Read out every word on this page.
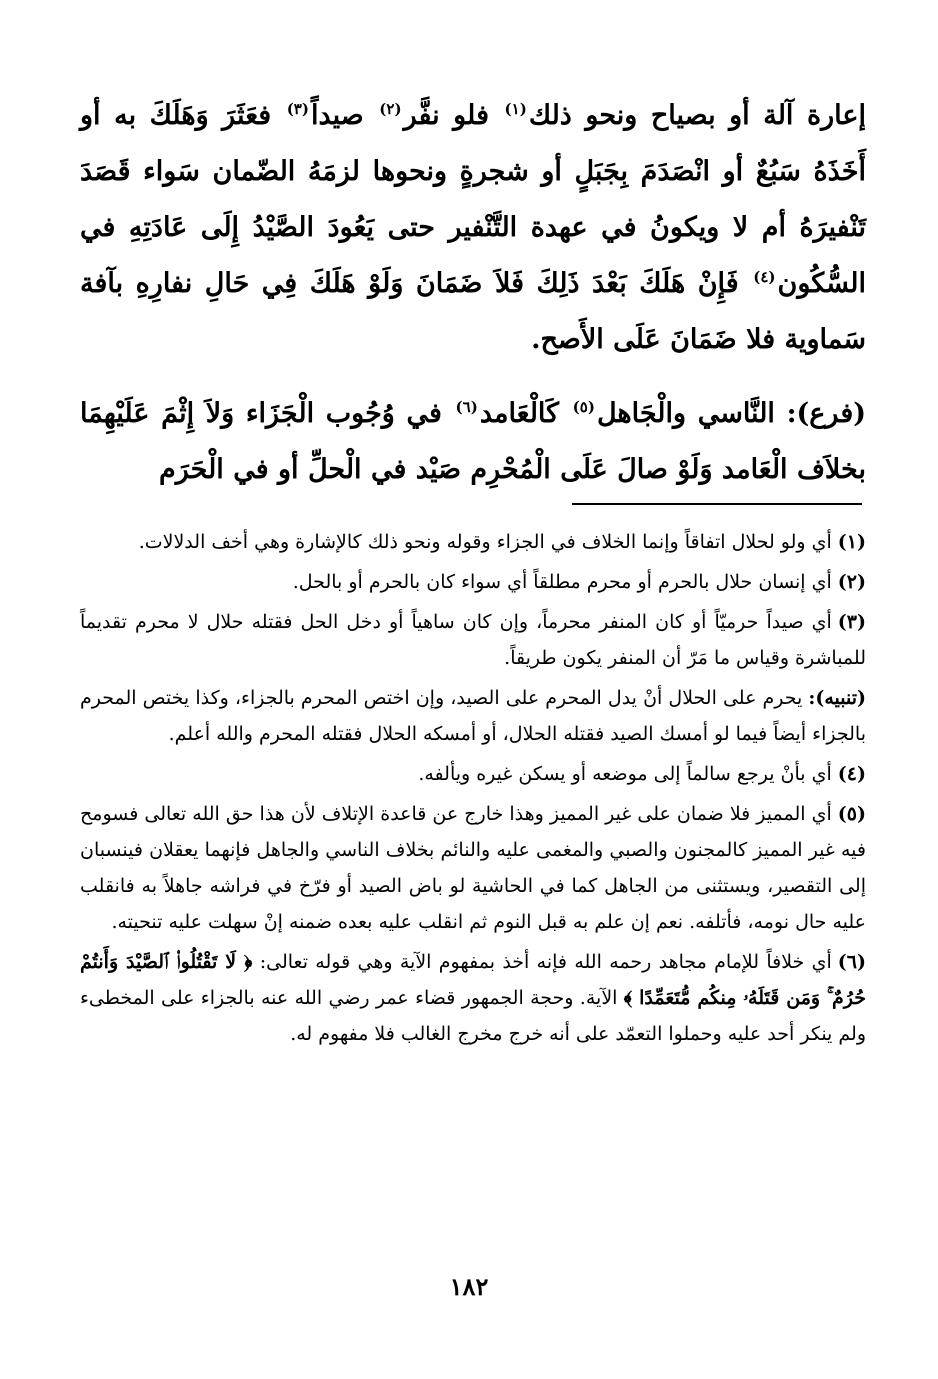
إعارة آلة أو بصياح ونحو ذلك$^{(١)}$ فلو نفَّر$^{(٢)}$ صيداً$^{(٣)}$ فعَثَرَ وَهَلَكَ به أو أَخَذَهُ سَبُعٌ أو انْصَدَمَ بِجَبَلٍ أو شجرةٍ ونحوها لزمَهُ الضّمان سَواء قَصَدَ تَنْفيرَهُ أم لا ويكونُ في عهدة التَّنْفير حتى يَعُودَ الصَّيْدُ إِلَى عَادَتِهِ في السُّكُون$^{(٤)}$ فَإِنْ هَلَكَ بَعْدَ ذَلِكَ فَلاَ ضَمَانَ وَلَوْ هَلَكَ فِي حَالِ نفارِهِ بآفة سَماوية فلا ضَمَانَ عَلَى الأَصح.

(فرع): النَّاسي والْجَاهل$^{(٥)}$ كَالْعَامد$^{(٦)}$ في وُجُوب الْجَزَاء وَلاَ إِثْمَ عَلَيْهِمَا بخلاَف الْعَامد وَلَوْ صالَ عَلَى الْمُحْرِم صَيْد في الْحلِّ أو في الْحَرَم

(١)أي ولو لحلال اتفاقاً وإنما الخلاف في الجزاء وقوله ونحو ذلك كالإشارة وهي أخف الدلالات.

(٢)أي إنسان حلال بالحرم أو محرم مطلقاً أي سواء كان بالحرم أو بالحل.

(٣)أي صيداً حرميّاً أو كان المنفر محرماً، وإن كان ساهياً أو دخل الحل فقتله حلال لا محرم تقديماً للمباشرة وقياس ما مَرّ أن المنفر يكون طريقاً.

(تنبيه):يحرم على الحلال أنْ يدل المحرم على الصيد، وإن اختص المحرم بالجزاء، وكذا يختص المحرم بالجزاء أيضاً فيما لو أمسك الصيد فقتله الحلال، أو أمسكه الحلال فقتله المحرم والله أعلم.

(٤)أي بأنْ يرجع سالماً إلى موضعه أو يسكن غيره ويألفه.

(٥)أي المميز فلا ضمان على غير المميز وهذا خارج عن قاعدة الإتلاف لأن هذا حق الله تعالى فسومح فيه غير المميز كالمجنون والصبي والمغمى عليه والنائم بخلاف الناسي والجاهل فإنهما يعقلان فينسبان إلى التقصير، ويستثنى من الجاهل كما في الحاشية لو باض الصيد أو فرّخ في فراشه جاهلاً به فانقلب عليه حال نومه، فأتلفه. نعم إن علم به قبل النوم ثم انقلب عليه بعده ضمنه إنْ سهلت عليه تنحيته.

(٦)أي خلافاً للإمام مجاهد رحمه الله فإنه أخذ بمفهوم الآية وهي قوله تعالى: ﴿ لَا تَقْتُلُوا۟ ٱلصَّيْدَ وَأَنتُمْ حُرُمٌ ۚ وَمَن قَتَلَهُۥ مِنكُم مُّتَعَمِّدًا ﴾ الآية. وحجة الجمهور قضاء عمر رضي الله عنه بالجزاء على المخطىء ولم ينكر أحد عليه وحملوا التعمّد على أنه خرج مخرج الغالب فلا مفهوم له.

١٨٢
